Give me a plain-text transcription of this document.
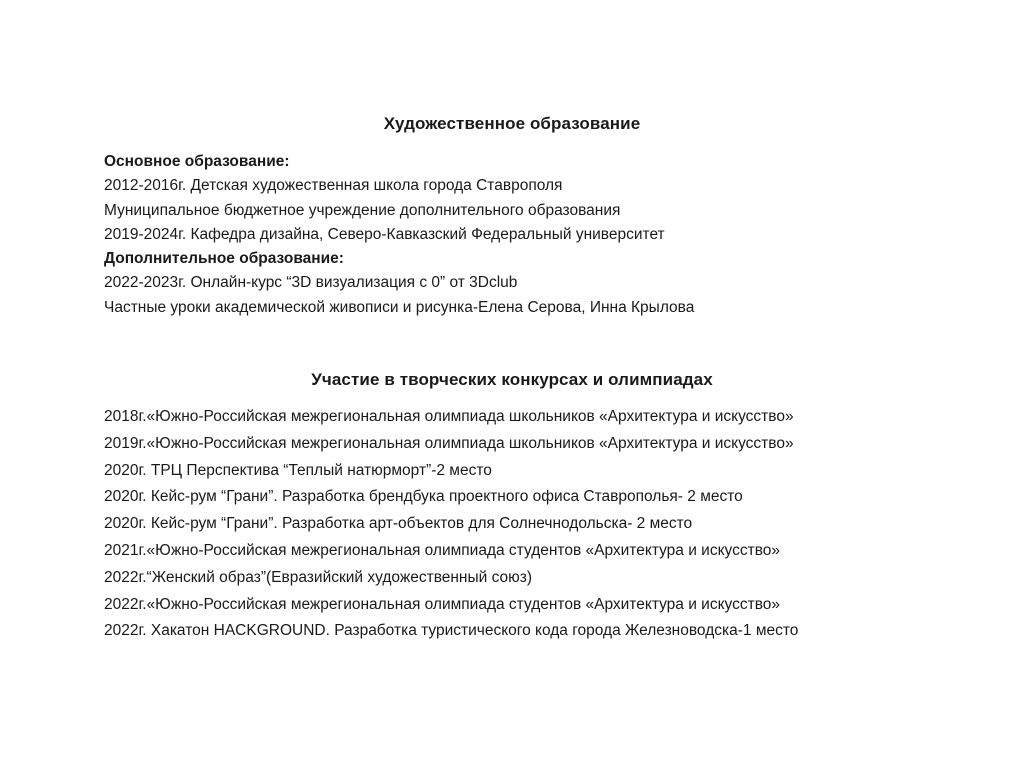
Художественное образование
Основное образование:
2012-2016г. Детская художественная школа города Ставрополя
Муниципальное бюджетное учреждение дополнительного образования
2019-2024г. Кафедра дизайна, Северо-Кавказский Федеральный университет
Дополнительное образование:
2022-2023г. Онлайн-курс “3D визуализация с 0” от 3Dclub
Частные уроки академической живописи и рисунка-Елена Серова, Инна Крылова
Участие в творческих конкурсах и олимпиадах
2018г.«Южно-Российская межрегиональная олимпиада школьников «Архитектура и искусство»
2019г.«Южно-Российская межрегиональная олимпиада школьников «Архитектура и искусство»
2020г. ТРЦ Перспектива “Теплый натюрморт”-2 место
2020г. Кейс-рум “Грани”. Разработка брендбука проектного офиса Ставрополья- 2 место
2020г. Кейс-рум “Грани”. Разработка арт-объектов для Солнечнодольска- 2 место
2021г.«Южно-Российская межрегиональная олимпиада студентов «Архитектура и искусство»
2022г.“Женский образ”(Евразийский художественный союз)
2022г.«Южно-Российская межрегиональная олимпиада студентов «Архитектура и искусство»
2022г. Хакатон HACKGROUND. Разработка туристического кода города Железноводска-1 место
